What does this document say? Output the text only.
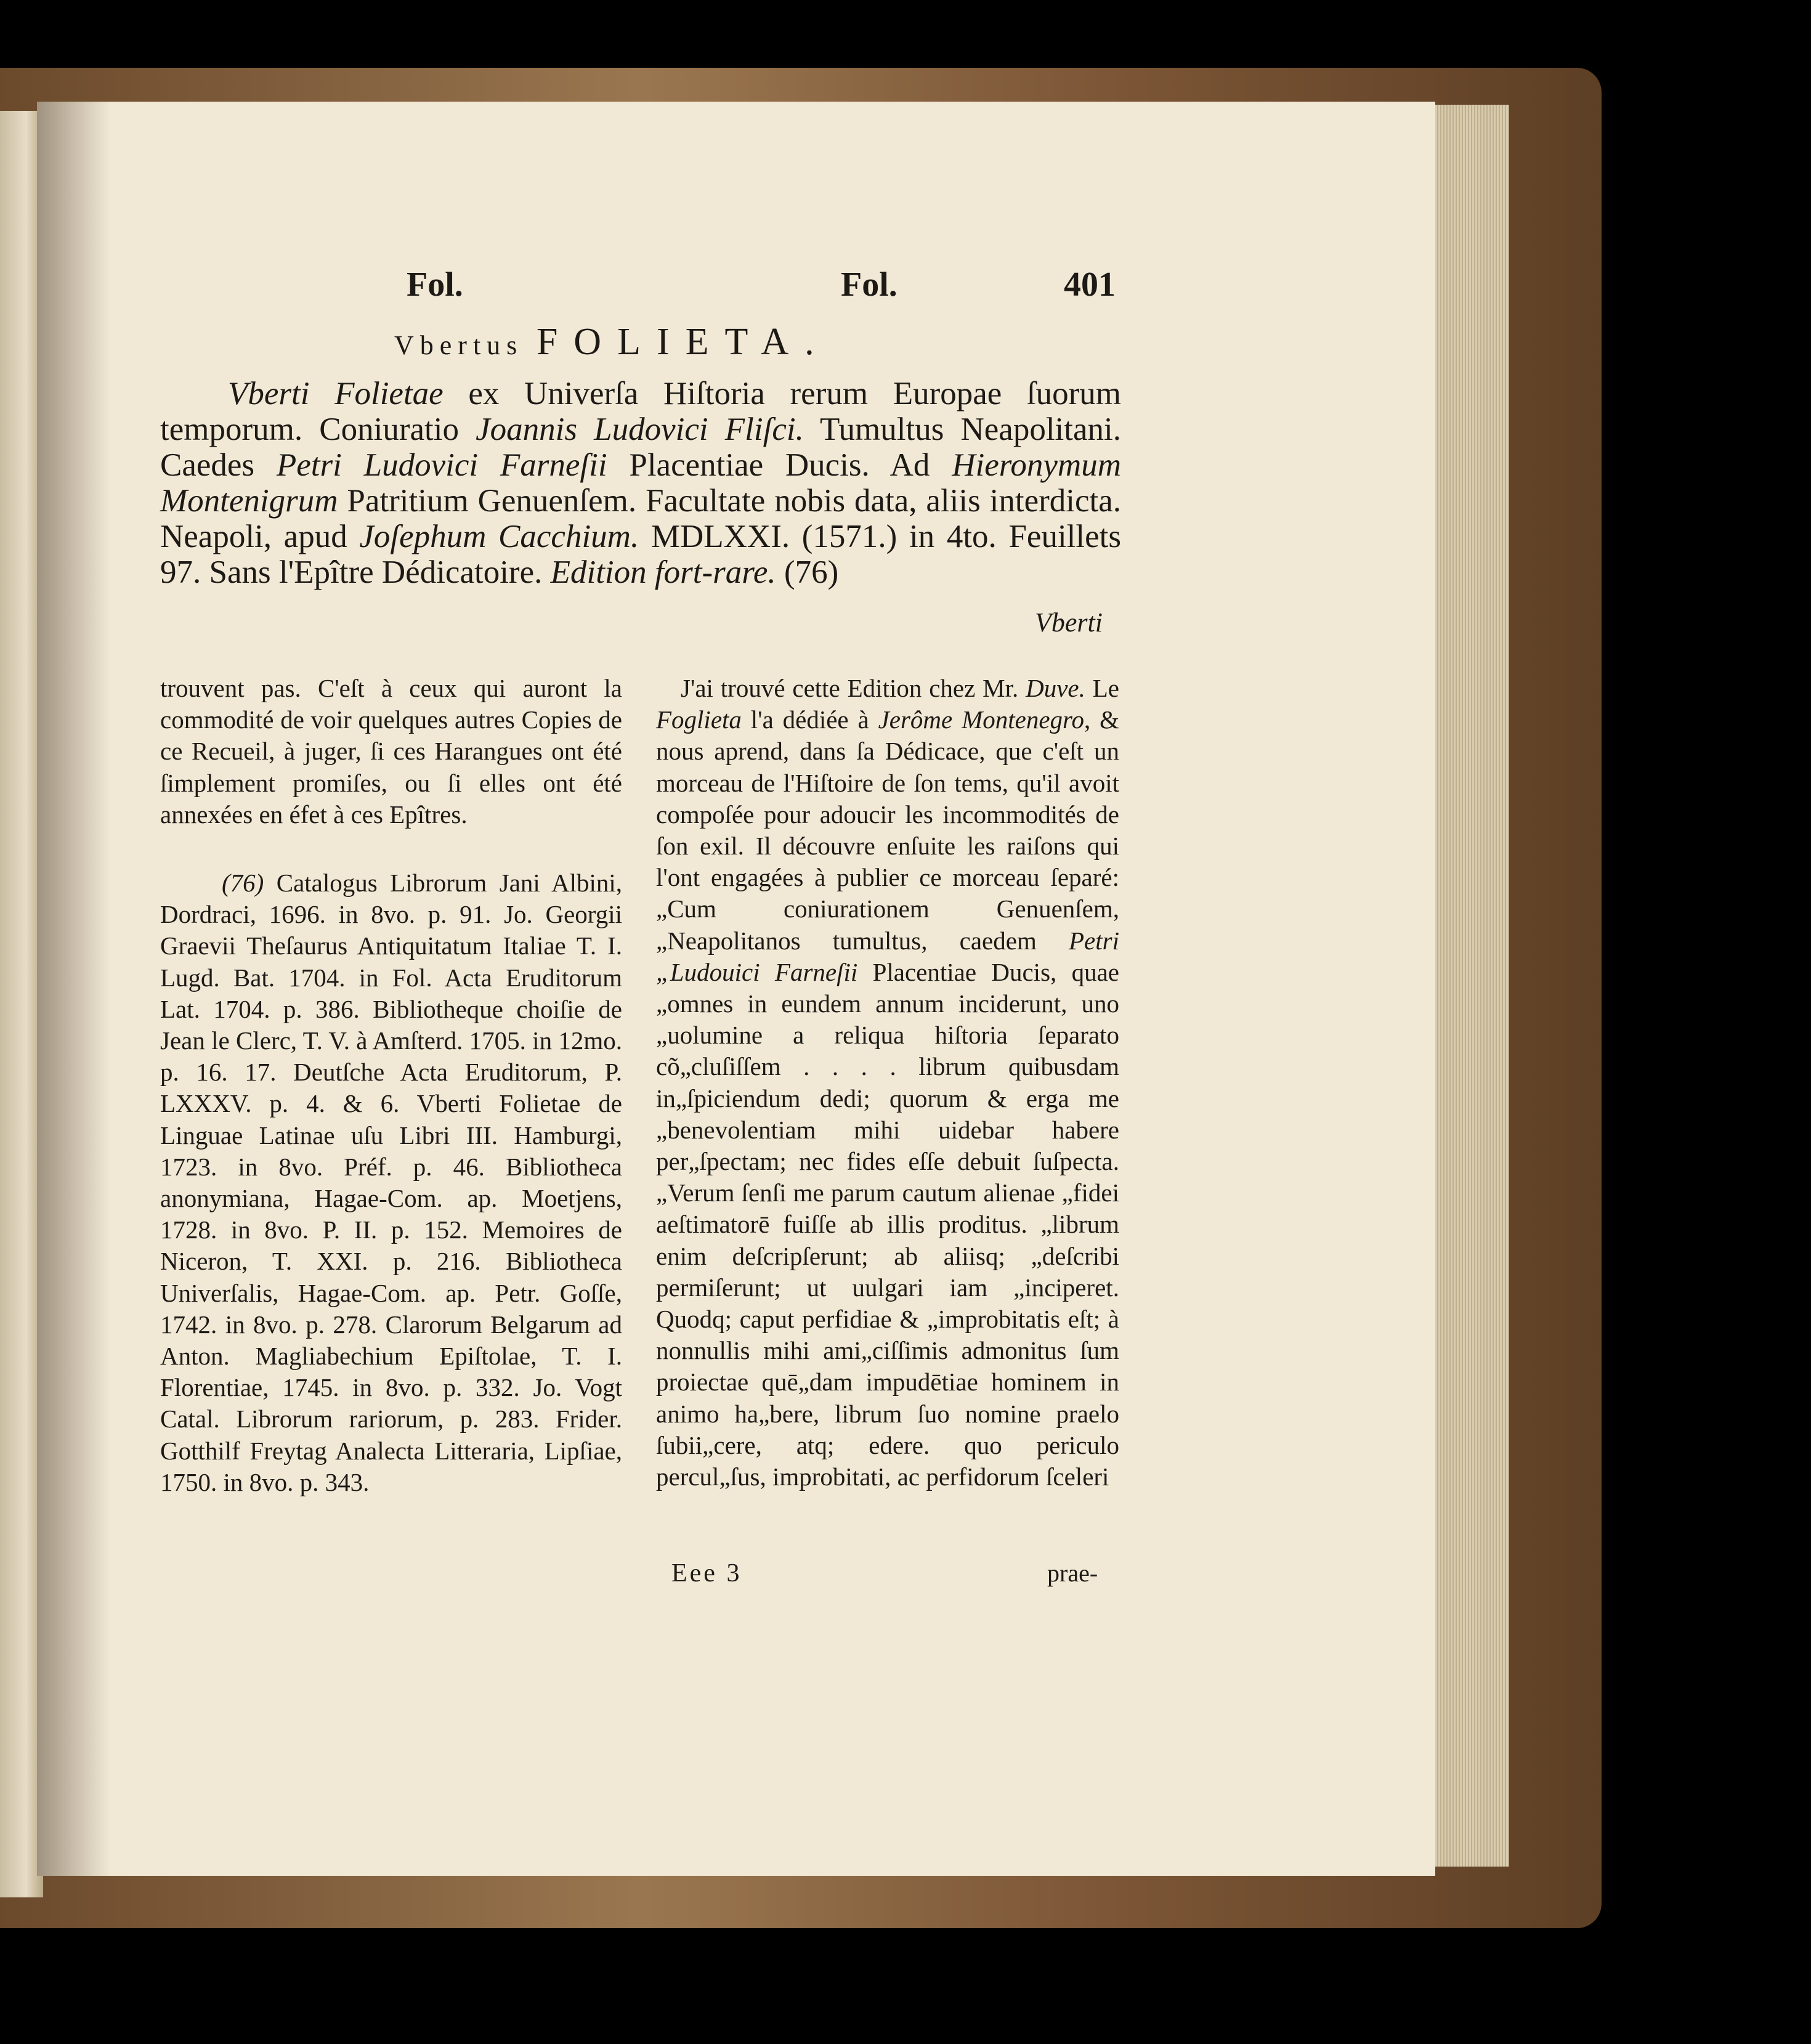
Fol.	Fol.	401
Vbertus FOLIETA.
Vberti Folietae ex Univerſa Hiſtoria rerum Europae ſuorum temporum. Coniuratio Joannis Ludovici Fliſci. Tumultus Neapolitani. Caedes Petri Ludovici Farneſii Placentiae Ducis. Ad Hieronymum Montenigrum Patritium Genuenſem. Facultate nobis data, aliis interdicta. Neapoli, apud Joſephum Cacchium. MDLXXI. (1571.) in 4to. Feuillets 97. Sans l'Epître Dédicatoire. Edition fort-rare. (76)
Vberti

trouvent pas. C'eſt à ceux qui auront la commodité de voir quelques autres Copies de ce Recueil, à juger, ſi ces Harangues ont été ſimplement promiſes, ou ſi elles ont été annexées en éfet à ces Epîtres.

(76) Catalogus Librorum Jani Albini, Dordraci, 1696. in 8vo. p. 91. Jo. Georgii Graevii Theſaurus Antiquitatum Italiae T. I. Lugd. Bat. 1704. in Fol. Acta Eruditorum Lat. 1704. p. 386. Bibliotheque choiſie de Jean le Clerc, T. V. à Amſterd. 1705. in 12mo. p. 16. 17. Deutſche Acta Eruditorum, P. LXXXV. p. 4. & 6. Vberti Folietae de Linguae Latinae uſu Libri III. Hamburgi, 1723. in 8vo. Préf. p. 46. Bibliotheca anonymiana, Hagae-Com. ap. Moetjens, 1728. in 8vo. P. II. p. 152. Memoires de Niceron, T. XXI. p. 216. Bibliotheca Univerſalis, Hagae-Com. ap. Petr. Goſſe, 1742. in 8vo. p. 278. Clarorum Belgarum ad Anton. Magliabechium Epiſtolae, T. I. Florentiae, 1745. in 8vo. p. 332. Jo. Vogt Catal. Librorum rariorum, p. 283. Frider. Gotthilf Freytag Analecta Litteraria, Lipſiae, 1750. in 8vo. p. 343.

J'ai trouvé cette Edition chez Mr. Duve. Le Foglieta l'a dédiée à Jerôme Montenegro, & nous aprend, dans ſa Dédicace, que c'eſt un morceau de l'Hiſtoire de ſon tems, qu'il avoit compoſée pour adoucir les incommodités de ſon exil. Il découvre enſuite les raiſons qui l'ont engagées à publier ce morceau ſeparé: „Cum coniurationem Genuenſem, „Neapolitanos tumultus, caedem Petri „Ludouici Farneſii Placentiae Ducis, quae „omnes in eundem annum inciderunt, uno „uolumine a reliqua hiſtoria ſeparato cõ„cluſiſſem . . . . librum quibusdam in„ſpiciendum dedi; quorum & erga me „benevolentiam mihi uidebar habere per„ſpectam; nec fides eſſe debuit ſuſpecta. „Verum ſenſi me parum cautum alienae „fidei aeſtimatorē fuiſſe ab illis proditus. „librum enim deſcripſerunt; ab aliisq; „deſcribi permiſerunt; ut uulgari iam „inciperet. Quodq; caput perfidiae & „improbitatis eſt; à nonnullis mihi ami„ciſſimis admonitus ſum proiectae quē„dam impudētiae hominem in animo ha„bere, librum ſuo nomine praelo ſubii„cere, atq; edere. quo periculo percul„ſus, improbitati, ac perfidorum ſceleri

Eee 3	prae-
